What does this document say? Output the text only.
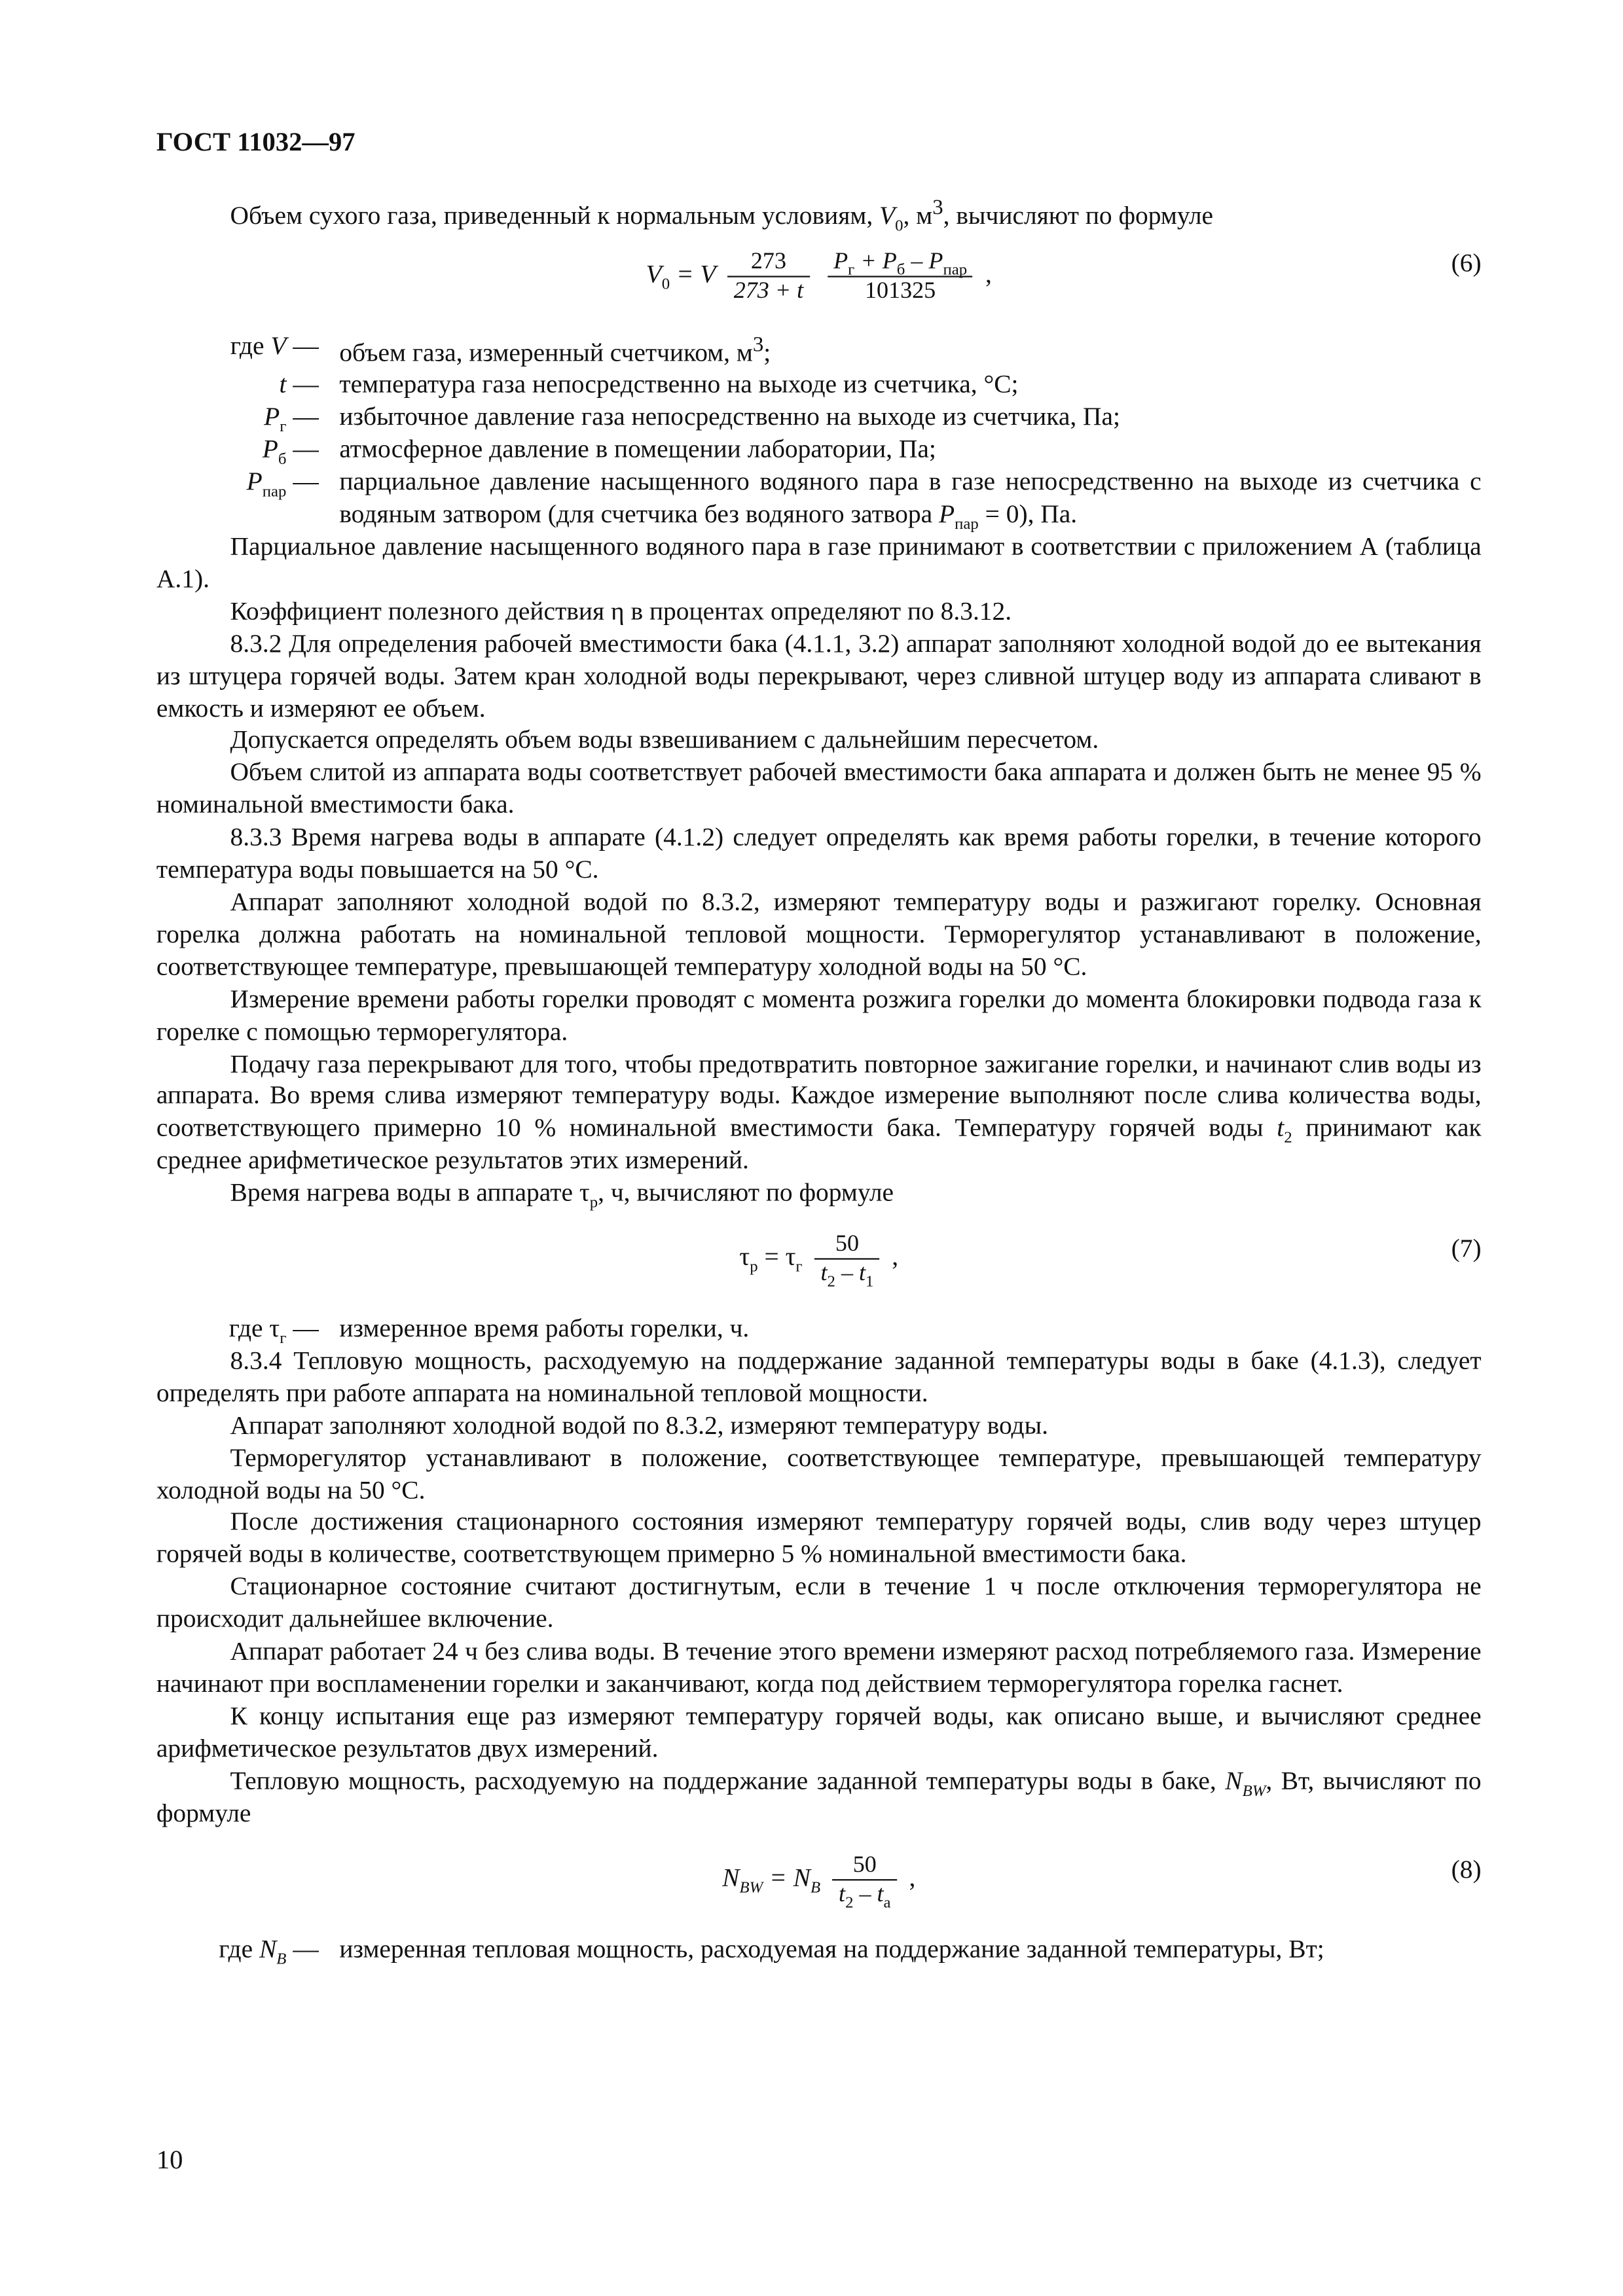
ГОСТ 11032—97

Объем сухого газа, приведенный к нормальным условиям, $V_0$, $м^3$, вычисляют по формуле

$V_0 = V \frac{273}{273 + t}$
$\frac{P_г + P_б - P_{пар}}{101325}$ ,	(6)
где V —	объем газа, измеренный счетчиком, $м^3$;
t —	температура газа непосредственно на выходе из счетчика, °С;
$P_г$ —	избыточное давление газа непосредственно на выходе из счетчика, Па;
$P_б$ —	атмосферное давление в помещении лаборатории, Па;
$P_{пар}$ —	парциальное давление насыщенного водяного пара в газе непосредственно на выходе из счетчика с водяным затвором (для счетчика без водяного затвора $P_{пар} = 0$), Па.

Парциальное давление насыщенного водяного пара в газе принимают в соответствии с приложением А (таблица А.1).

Коэффициент полезного действия η в процентах определяют по 8.3.12.

8.3.2 Для определения рабочей вместимости бака (4.1.1, 3.2) аппарат заполняют холодной водой до ее вытекания из штуцера горячей воды. Затем кран холодной воды перекрывают, через сливной штуцер воду из аппарата сливают в емкость и измеряют ее объем.

Допускается определять объем воды взвешиванием с дальнейшим пересчетом.

Объем слитой из аппарата воды соответствует рабочей вместимости бака аппарата и должен быть не менее 95 % номинальной вместимости бака.

8.3.3 Время нагрева воды в аппарате (4.1.2) следует определять как время работы горелки, в течение которого температура воды повышается на 50 °С.

Аппарат заполняют холодной водой по 8.3.2, измеряют температуру воды и разжигают горелку. Основная горелка должна работать на номинальной тепловой мощности. Терморегулятор устанавливают в положение, соответствующее температуре, превышающей температуру холодной воды на 50 °С.

Измерение времени работы горелки проводят с момента розжига горелки до момента блокировки подвода газа к горелке с помощью терморегулятора.

Подачу газа перекрывают для того, чтобы предотвратить повторное зажигание горелки, и начинают слив воды из аппарата. Во время слива измеряют температуру воды. Каждое измерение выполняют после слива количества воды, соответствующего примерно 10 % номинальной вместимости бака. Температуру горячей воды $t_2$ принимают как среднее арифметическое результатов этих измерений.

Время нагрева воды в аппарате $\tau_р$, ч, вычисляют по формуле

$\tau_р = \tau_г \frac{50}{t_2 - t_1}$ ,	(7)
где $\tau_г$ —	измеренное время работы горелки, ч.

8.3.4 Тепловую мощность, расходуемую на поддержание заданной температуры воды в баке (4.1.3), следует определять при работе аппарата на номинальной тепловой мощности.

Аппарат заполняют холодной водой по 8.3.2, измеряют температуру воды.

Терморегулятор устанавливают в положение, соответствующее температуре, превышающей температуру холодной воды на 50 °С.

После достижения стационарного состояния измеряют температуру горячей воды, слив воду через штуцер горячей воды в количестве, соответствующем примерно 5 % номинальной вместимости бака.

Стационарное состояние считают достигнутым, если в течение 1 ч после отключения терморегулятора не происходит дальнейшее включение.

Аппарат работает 24 ч без слива воды. В течение этого времени измеряют расход потребляемого газа. Измерение начинают при воспламенении горелки и заканчивают, когда под действием терморегулятора горелка гаснет.

К концу испытания еще раз измеряют температуру горячей воды, как описано выше, и вычисляют среднее арифметическое результатов двух измерений.

Тепловую мощность, расходуемую на поддержание заданной температуры воды в баке, $N_{BW}$, Вт, вычисляют по формуле

$N_{BW} = N_B \frac{50}{t_2 - t_a}$ ,	(8)
где $N_B$ —	измеренная тепловая мощность, расходуемая на поддержание заданной температуры, Вт;
10
